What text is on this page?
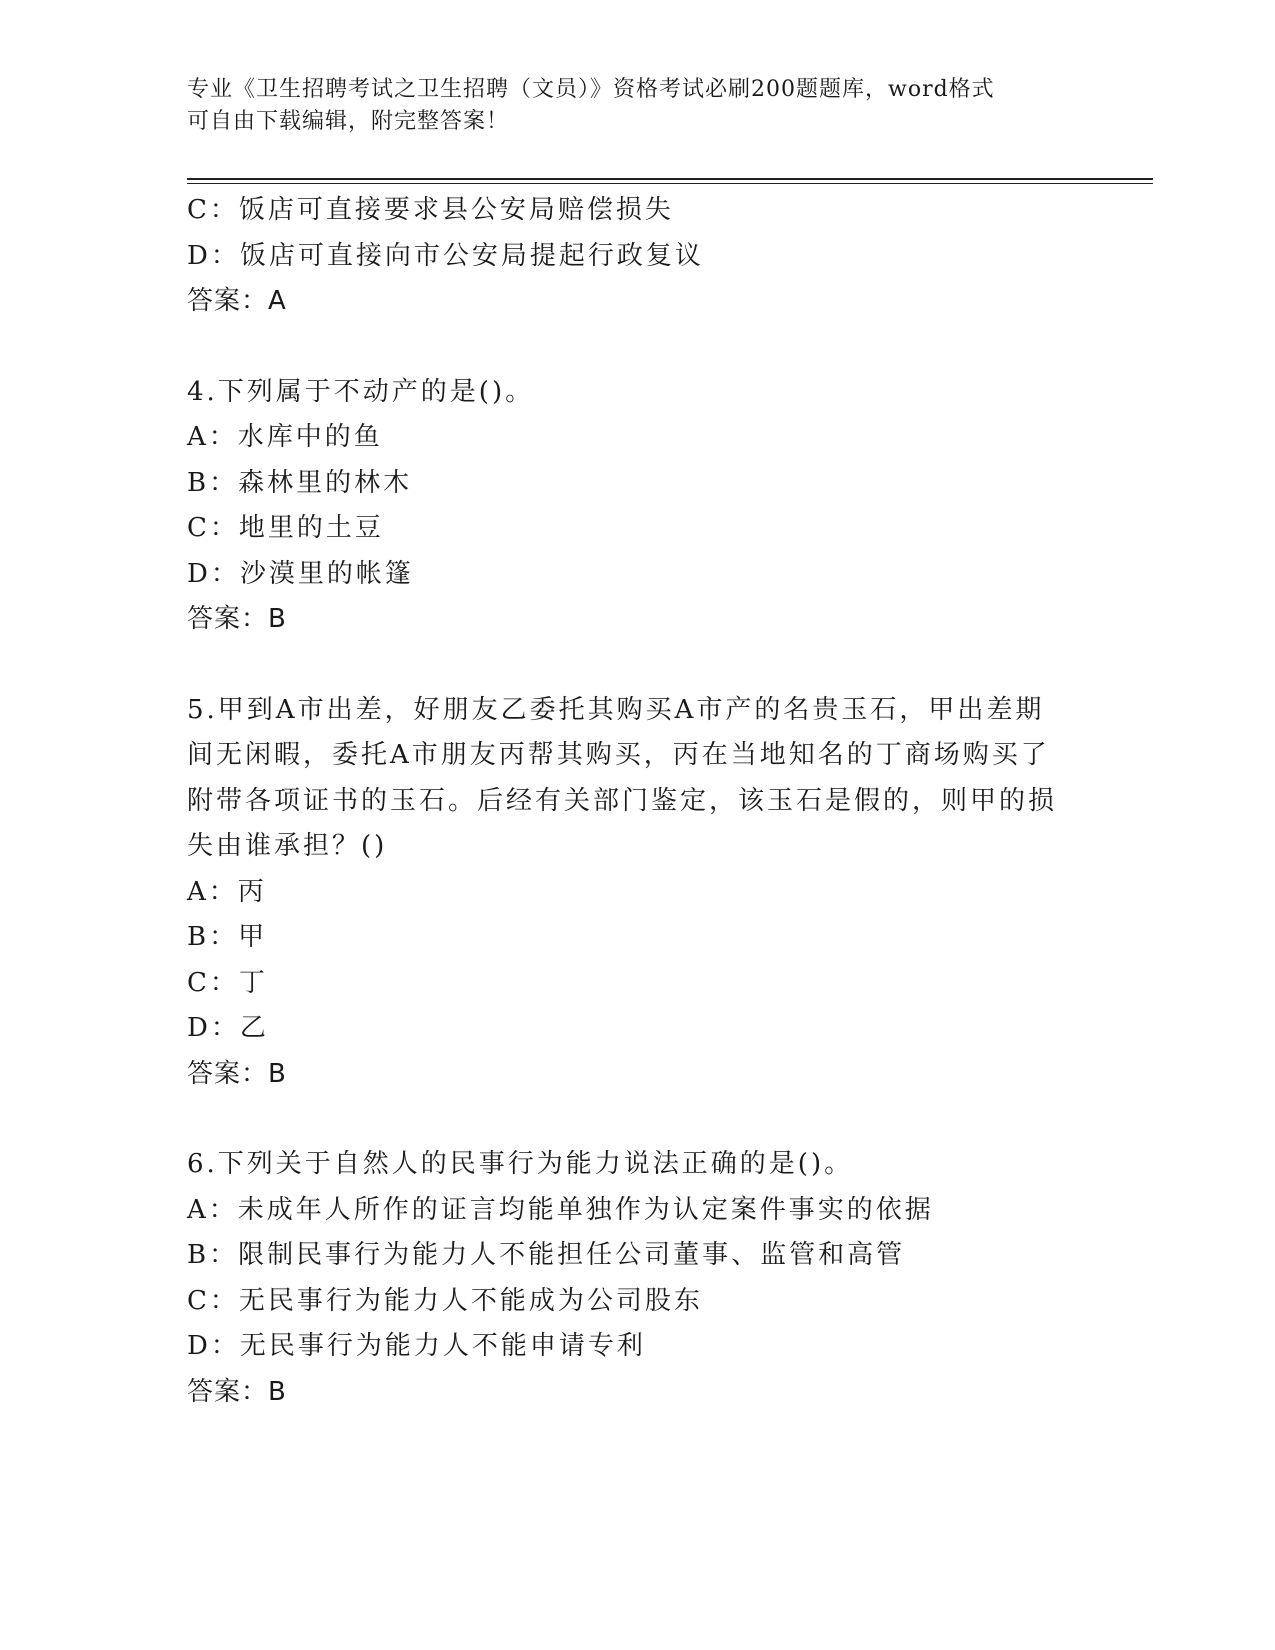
专业《卫生招聘考试之卫生招聘（文员）》资格考试必刷200题题库，word格式
可自由下载编辑，附完整答案！
C：饭店可直接要求县公安局赔偿损失
D：饭店可直接向市公安局提起行政复议
答案：A
4.下列属于不动产的是()。
A：水库中的鱼
B：森林里的林木
C：地里的土豆
D：沙漠里的帐篷
答案：B
5.甲到A市出差，好朋友乙委托其购买A市产的名贵玉石，甲出差期间无闲暇，委托A市朋友丙帮其购买，丙在当地知名的丁商场购买了附带各项证书的玉石。后经有关部门鉴定，该玉石是假的，则甲的损失由谁承担？()
A：丙
B：甲
C：丁
D：乙
答案：B
6.下列关于自然人的民事行为能力说法正确的是()。
A：未成年人所作的证言均能单独作为认定案件事实的依据
B：限制民事行为能力人不能担任公司董事、监管和高管
C：无民事行为能力人不能成为公司股东
D：无民事行为能力人不能申请专利
答案：B
